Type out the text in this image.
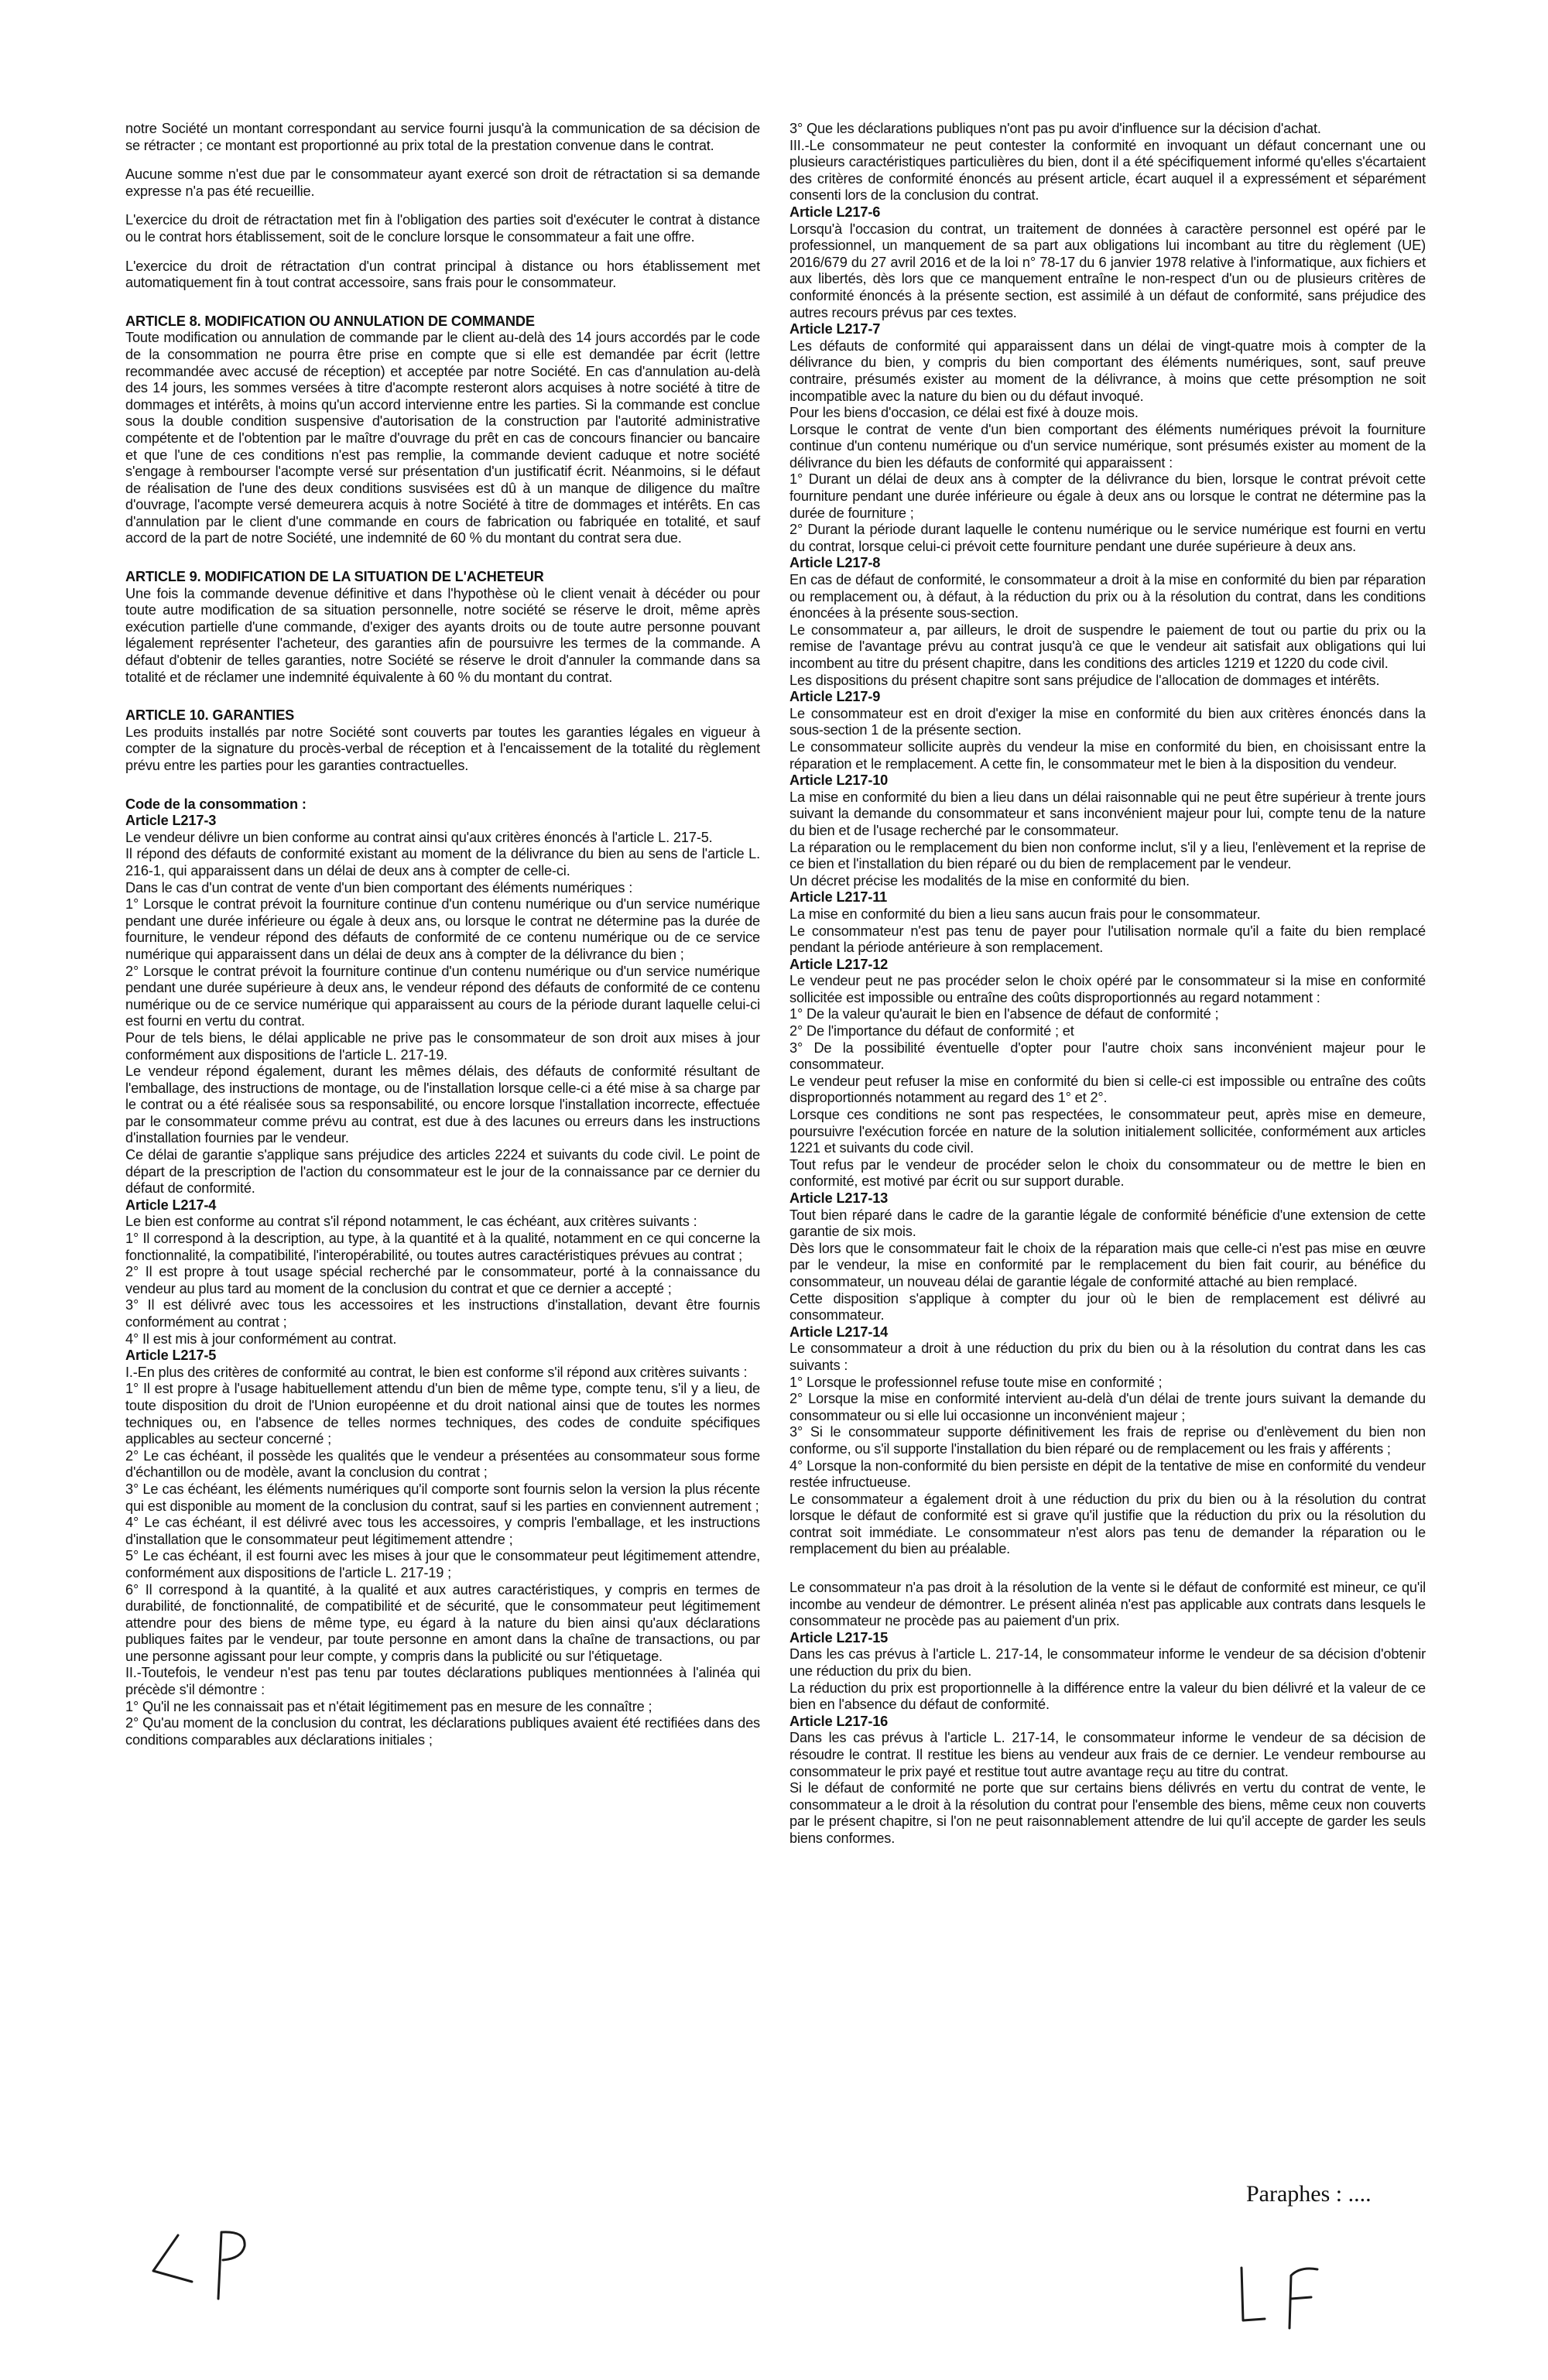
notre Société un montant correspondant au service fourni jusqu'à la communication de sa décision de se rétracter ; ce montant est proportionné au prix total de la prestation convenue dans le contrat.

Aucune somme n'est due par le consommateur ayant exercé son droit de rétractation si sa demande expresse n'a pas été recueillie.

L'exercice du droit de rétractation met fin à l'obligation des parties soit d'exécuter le contrat à distance ou le contrat hors établissement, soit de le conclure lorsque le consommateur a fait une offre.

L'exercice du droit de rétractation d'un contrat principal à distance ou hors établissement met automatiquement fin à tout contrat accessoire, sans frais pour le consommateur.

ARTICLE 8. MODIFICATION OU ANNULATION DE COMMANDE

Toute modification ou annulation de commande par le client au-delà des 14 jours accordés par le code de la consommation ne pourra être prise en compte que si elle est demandée par écrit (lettre recommandée avec accusé de réception) et acceptée par notre Société. En cas d'annulation au-delà des 14 jours, les sommes versées à titre d'acompte resteront alors acquises à notre société à titre de dommages et intérêts, à moins qu'un accord intervienne entre les parties. Si la commande est conclue sous la double condition suspensive d'autorisation de la construction par l'autorité administrative compétente et de l'obtention par le maître d'ouvrage du prêt en cas de concours financier ou bancaire et que l'une de ces conditions n'est pas remplie, la commande devient caduque et notre société s'engage à rembourser l'acompte versé sur présentation d'un justificatif écrit. Néanmoins, si le défaut de réalisation de l'une des deux conditions susvisées est dû à un manque de diligence du maître d'ouvrage, l'acompte versé demeurera acquis à notre Société à titre de dommages et intérêts. En cas d'annulation par le client d'une commande en cours de fabrication ou fabriquée en totalité, et sauf accord de la part de notre Société, une indemnité de 60 % du montant du contrat sera due.

ARTICLE 9. MODIFICATION DE LA SITUATION DE L'ACHETEUR

Une fois la commande devenue définitive et dans l'hypothèse où le client venait à décéder ou pour toute autre modification de sa situation personnelle, notre société se réserve le droit, même après exécution partielle d'une commande, d'exiger des ayants droits ou de toute autre personne pouvant légalement représenter l'acheteur, des garanties afin de poursuivre les termes de la commande. A défaut d'obtenir de telles garanties, notre Société se réserve le droit d'annuler la commande dans sa totalité et de réclamer une indemnité équivalente à 60 % du montant du contrat.

ARTICLE 10. GARANTIES

Les produits installés par notre Société sont couverts par toutes les garanties légales en vigueur à compter de la signature du procès-verbal de réception et à l'encaissement de la totalité du règlement prévu entre les parties pour les garanties contractuelles.

Code de la consommation :

Article L217-3

Le vendeur délivre un bien conforme au contrat ainsi qu'aux critères énoncés à l'article L. 217-5.

Il répond des défauts de conformité existant au moment de la délivrance du bien au sens de l'article L. 216-1, qui apparaissent dans un délai de deux ans à compter de celle-ci.

Dans le cas d'un contrat de vente d'un bien comportant des éléments numériques :

1° Lorsque le contrat prévoit la fourniture continue d'un contenu numérique ou d'un service numérique pendant une durée inférieure ou égale à deux ans, ou lorsque le contrat ne détermine pas la durée de fourniture, le vendeur répond des défauts de conformité de ce contenu numérique ou de ce service numérique qui apparaissent dans un délai de deux ans à compter de la délivrance du bien ;

2° Lorsque le contrat prévoit la fourniture continue d'un contenu numérique ou d'un service numérique pendant une durée supérieure à deux ans, le vendeur répond des défauts de conformité de ce contenu numérique ou de ce service numérique qui apparaissent au cours de la période durant laquelle celui-ci est fourni en vertu du contrat.

Pour de tels biens, le délai applicable ne prive pas le consommateur de son droit aux mises à jour conformément aux dispositions de l'article L. 217-19.

Le vendeur répond également, durant les mêmes délais, des défauts de conformité résultant de l'emballage, des instructions de montage, ou de l'installation lorsque celle-ci a été mise à sa charge par le contrat ou a été réalisée sous sa responsabilité, ou encore lorsque l'installation incorrecte, effectuée par le consommateur comme prévu au contrat, est due à des lacunes ou erreurs dans les instructions d'installation fournies par le vendeur.

Ce délai de garantie s'applique sans préjudice des articles 2224 et suivants du code civil. Le point de départ de la prescription de l'action du consommateur est le jour de la connaissance par ce dernier du défaut de conformité.

Article L217-4

Le bien est conforme au contrat s'il répond notamment, le cas échéant, aux critères suivants :

1° Il correspond à la description, au type, à la quantité et à la qualité, notamment en ce qui concerne la fonctionnalité, la compatibilité, l'interopérabilité, ou toutes autres caractéristiques prévues au contrat ;

2° Il est propre à tout usage spécial recherché par le consommateur, porté à la connaissance du vendeur au plus tard au moment de la conclusion du contrat et que ce dernier a accepté ;

3° Il est délivré avec tous les accessoires et les instructions d'installation, devant être fournis conformément au contrat ;

4° Il est mis à jour conformément au contrat.

Article L217-5

I.-En plus des critères de conformité au contrat, le bien est conforme s'il répond aux critères suivants :

1° Il est propre à l'usage habituellement attendu d'un bien de même type, compte tenu, s'il y a lieu, de toute disposition du droit de l'Union européenne et du droit national ainsi que de toutes les normes techniques ou, en l'absence de telles normes techniques, des codes de conduite spécifiques applicables au secteur concerné ;

2° Le cas échéant, il possède les qualités que le vendeur a présentées au consommateur sous forme d'échantillon ou de modèle, avant la conclusion du contrat ;

3° Le cas échéant, les éléments numériques qu'il comporte sont fournis selon la version la plus récente qui est disponible au moment de la conclusion du contrat, sauf si les parties en conviennent autrement ;

4° Le cas échéant, il est délivré avec tous les accessoires, y compris l'emballage, et les instructions d'installation que le consommateur peut légitimement attendre ;

5° Le cas échéant, il est fourni avec les mises à jour que le consommateur peut légitimement attendre, conformément aux dispositions de l'article L. 217-19 ;

6° Il correspond à la quantité, à la qualité et aux autres caractéristiques, y compris en termes de durabilité, de fonctionnalité, de compatibilité et de sécurité, que le consommateur peut légitimement attendre pour des biens de même type, eu égard à la nature du bien ainsi qu'aux déclarations publiques faites par le vendeur, par toute personne en amont dans la chaîne de transactions, ou par une personne agissant pour leur compte, y compris dans la publicité ou sur l'étiquetage.

II.-Toutefois, le vendeur n'est pas tenu par toutes déclarations publiques mentionnées à l'alinéa qui précède s'il démontre :

1° Qu'il ne les connaissait pas et n'était légitimement pas en mesure de les connaître ;

2° Qu'au moment de la conclusion du contrat, les déclarations publiques avaient été rectifiées dans des conditions comparables aux déclarations initiales ;

3° Que les déclarations publiques n'ont pas pu avoir d'influence sur la décision d'achat.

III.-Le consommateur ne peut contester la conformité en invoquant un défaut concernant une ou plusieurs caractéristiques particulières du bien, dont il a été spécifiquement informé qu'elles s'écartaient des critères de conformité énoncés au présent article, écart auquel il a expressément et séparément consenti lors de la conclusion du contrat.

Article L217-6

Lorsqu'à l'occasion du contrat, un traitement de données à caractère personnel est opéré par le professionnel, un manquement de sa part aux obligations lui incombant au titre du règlement (UE) 2016/679 du 27 avril 2016 et de la loi n° 78-17 du 6 janvier 1978 relative à l'informatique, aux fichiers et aux libertés, dès lors que ce manquement entraîne le non-respect d'un ou de plusieurs critères de conformité énoncés à la présente section, est assimilé à un défaut de conformité, sans préjudice des autres recours prévus par ces textes.

Article L217-7

Les défauts de conformité qui apparaissent dans un délai de vingt-quatre mois à compter de la délivrance du bien, y compris du bien comportant des éléments numériques, sont, sauf preuve contraire, présumés exister au moment de la délivrance, à moins que cette présomption ne soit incompatible avec la nature du bien ou du défaut invoqué.

Pour les biens d'occasion, ce délai est fixé à douze mois.

Lorsque le contrat de vente d'un bien comportant des éléments numériques prévoit la fourniture continue d'un contenu numérique ou d'un service numérique, sont présumés exister au moment de la délivrance du bien les défauts de conformité qui apparaissent :

1° Durant un délai de deux ans à compter de la délivrance du bien, lorsque le contrat prévoit cette fourniture pendant une durée inférieure ou égale à deux ans ou lorsque le contrat ne détermine pas la durée de fourniture ;

2° Durant la période durant laquelle le contenu numérique ou le service numérique est fourni en vertu du contrat, lorsque celui-ci prévoit cette fourniture pendant une durée supérieure à deux ans.

Article L217-8

En cas de défaut de conformité, le consommateur a droit à la mise en conformité du bien par réparation ou remplacement ou, à défaut, à la réduction du prix ou à la résolution du contrat, dans les conditions énoncées à la présente sous-section.

Le consommateur a, par ailleurs, le droit de suspendre le paiement de tout ou partie du prix ou la remise de l'avantage prévu au contrat jusqu'à ce que le vendeur ait satisfait aux obligations qui lui incombent au titre du présent chapitre, dans les conditions des articles 1219 et 1220 du code civil.

Les dispositions du présent chapitre sont sans préjudice de l'allocation de dommages et intérêts.

Article L217-9

Le consommateur est en droit d'exiger la mise en conformité du bien aux critères énoncés dans la sous-section 1 de la présente section.

Le consommateur sollicite auprès du vendeur la mise en conformité du bien, en choisissant entre la réparation et le remplacement. A cette fin, le consommateur met le bien à la disposition du vendeur.

Article L217-10

La mise en conformité du bien a lieu dans un délai raisonnable qui ne peut être supérieur à trente jours suivant la demande du consommateur et sans inconvénient majeur pour lui, compte tenu de la nature du bien et de l'usage recherché par le consommateur.

La réparation ou le remplacement du bien non conforme inclut, s'il y a lieu, l'enlèvement et la reprise de ce bien et l'installation du bien réparé ou du bien de remplacement par le vendeur.

Un décret précise les modalités de la mise en conformité du bien.

Article L217-11

La mise en conformité du bien a lieu sans aucun frais pour le consommateur.

Le consommateur n'est pas tenu de payer pour l'utilisation normale qu'il a faite du bien remplacé pendant la période antérieure à son remplacement.

Article L217-12

Le vendeur peut ne pas procéder selon le choix opéré par le consommateur si la mise en conformité sollicitée est impossible ou entraîne des coûts disproportionnés au regard notamment :

1° De la valeur qu'aurait le bien en l'absence de défaut de conformité ;

2° De l'importance du défaut de conformité ; et

3° De la possibilité éventuelle d'opter pour l'autre choix sans inconvénient majeur pour le consommateur.

Le vendeur peut refuser la mise en conformité du bien si celle-ci est impossible ou entraîne des coûts disproportionnés notamment au regard des 1° et 2°.

Lorsque ces conditions ne sont pas respectées, le consommateur peut, après mise en demeure, poursuivre l'exécution forcée en nature de la solution initialement sollicitée, conformément aux articles 1221 et suivants du code civil.

Tout refus par le vendeur de procéder selon le choix du consommateur ou de mettre le bien en conformité, est motivé par écrit ou sur support durable.

Article L217-13

Tout bien réparé dans le cadre de la garantie légale de conformité bénéficie d'une extension de cette garantie de six mois.

Dès lors que le consommateur fait le choix de la réparation mais que celle-ci n'est pas mise en œuvre par le vendeur, la mise en conformité par le remplacement du bien fait courir, au bénéfice du consommateur, un nouveau délai de garantie légale de conformité attaché au bien remplacé.

Cette disposition s'applique à compter du jour où le bien de remplacement est délivré au consommateur.

Article L217-14

Le consommateur a droit à une réduction du prix du bien ou à la résolution du contrat dans les cas suivants :

1° Lorsque le professionnel refuse toute mise en conformité ;

2° Lorsque la mise en conformité intervient au-delà d'un délai de trente jours suivant la demande du consommateur ou si elle lui occasionne un inconvénient majeur ;

3° Si le consommateur supporte définitivement les frais de reprise ou d'enlèvement du bien non conforme, ou s'il supporte l'installation du bien réparé ou de remplacement ou les frais y afférents ;

4° Lorsque la non-conformité du bien persiste en dépit de la tentative de mise en conformité du vendeur restée infructueuse.

Le consommateur a également droit à une réduction du prix du bien ou à la résolution du contrat lorsque le défaut de conformité est si grave qu'il justifie que la réduction du prix ou la résolution du contrat soit immédiate. Le consommateur n'est alors pas tenu de demander la réparation ou le remplacement du bien au préalable.

Le consommateur n'a pas droit à la résolution de la vente si le défaut de conformité est mineur, ce qu'il incombe au vendeur de démontrer. Le présent alinéa n'est pas applicable aux contrats dans lesquels le consommateur ne procède pas au paiement d'un prix.

Article L217-15

Dans les cas prévus à l'article L. 217-14, le consommateur informe le vendeur de sa décision d'obtenir une réduction du prix du bien.

La réduction du prix est proportionnelle à la différence entre la valeur du bien délivré et la valeur de ce bien en l'absence du défaut de conformité.

Article L217-16

Dans les cas prévus à l'article L. 217-14, le consommateur informe le vendeur de sa décision de résoudre le contrat. Il restitue les biens au vendeur aux frais de ce dernier. Le vendeur rembourse au consommateur le prix payé et restitue tout autre avantage reçu au titre du contrat.

Si le défaut de conformité ne porte que sur certains biens délivrés en vertu du contrat de vente, le consommateur a le droit à la résolution du contrat pour l'ensemble des biens, même ceux non couverts par le présent chapitre, si l'on ne peut raisonnablement attendre de lui qu'il accepte de garder les seuls biens conformes.

Paraphes : ....
